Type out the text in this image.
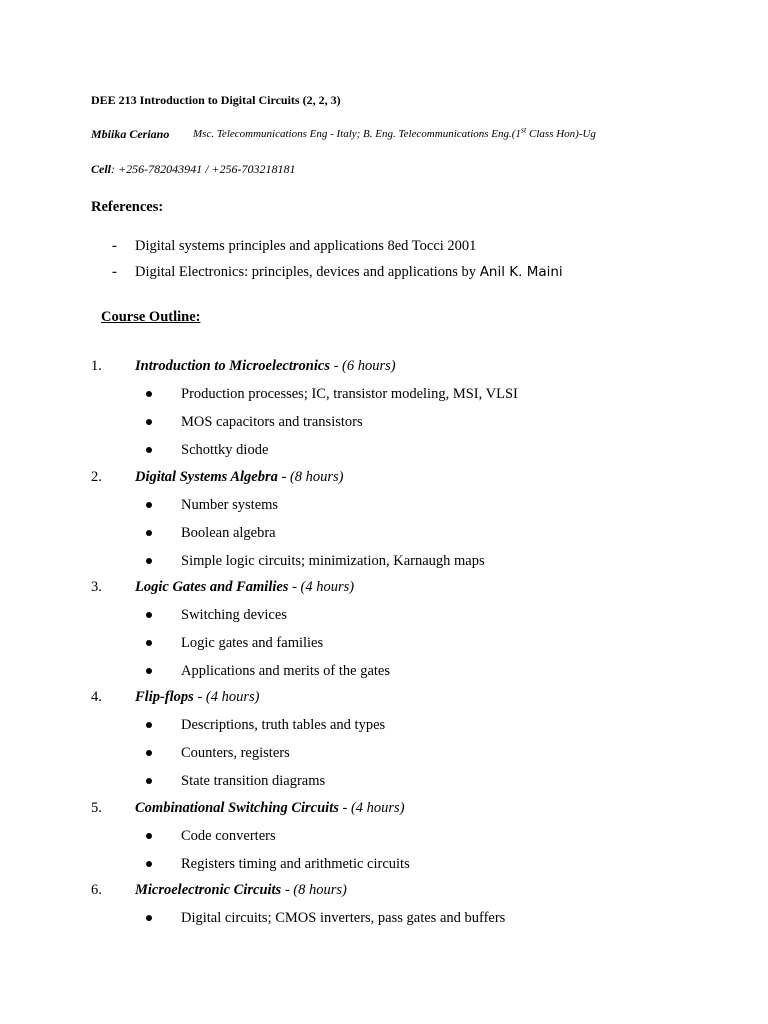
DEE 213 Introduction to Digital Circuits (2, 2, 3)
Mbiika Ceriano Msc. Telecommunications Eng - Italy; B. Eng. Telecommunications Eng.(1st Class Hon)-Ug
Cell: +256-782043941 / +256-703218181
References:
- Digital systems principles and applications 8ed Tocci 2001
- Digital Electronics: principles, devices and applications by Anil K. Maini
Course Outline:
1. Introduction to Microelectronics - (6 hours)
Production processes; IC, transistor modeling, MSI, VLSI
MOS capacitors and transistors
Schottky diode
2. Digital Systems Algebra - (8 hours)
Number systems
Boolean algebra
Simple logic circuits; minimization, Karnaugh maps
3. Logic Gates and Families - (4 hours)
Switching devices
Logic gates and families
Applications and merits of the gates
4. Flip-flops - (4 hours)
Descriptions, truth tables and types
Counters, registers
State transition diagrams
5. Combinational Switching Circuits - (4 hours)
Code converters
Registers timing and arithmetic circuits
6. Microelectronic Circuits - (8 hours)
Digital circuits; CMOS inverters, pass gates and buffers
